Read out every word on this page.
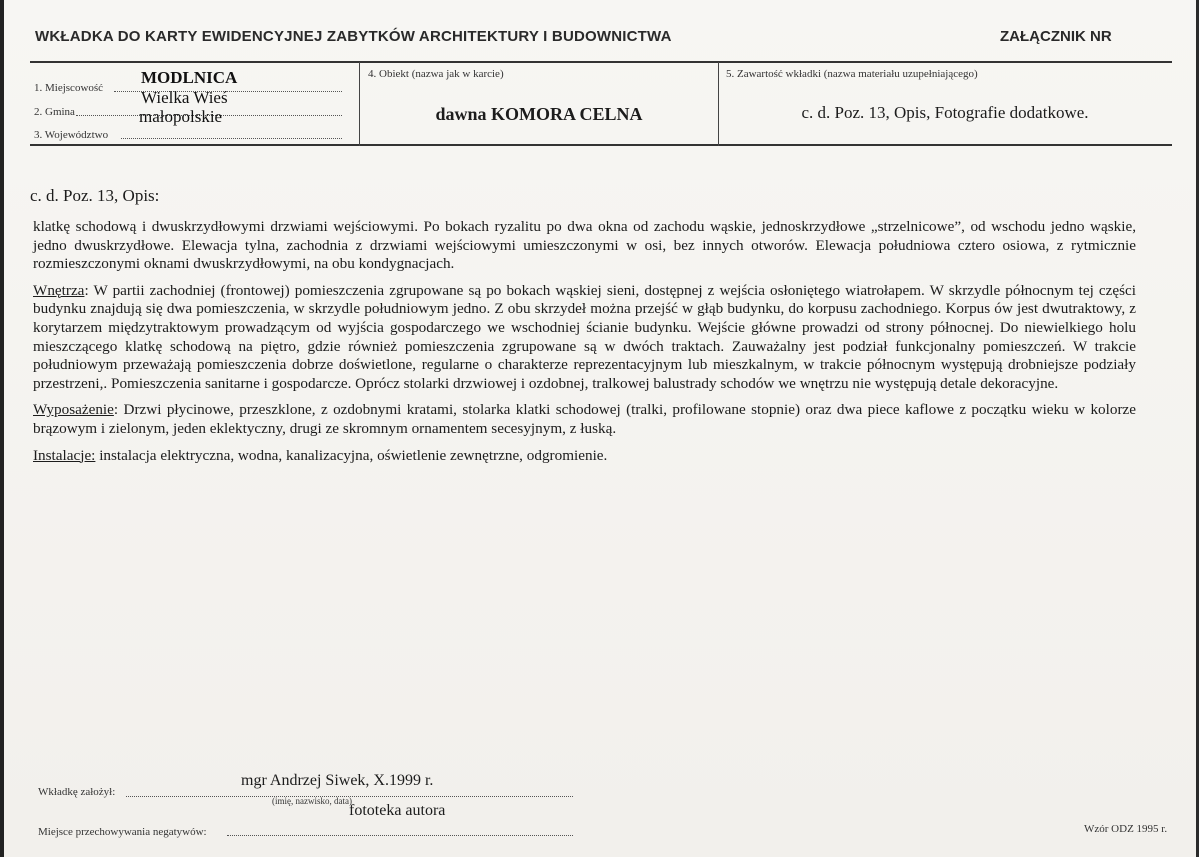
WKŁADKA DO KARTY EWIDENCYJNEJ ZABYTKÓW ARCHITEKTURY I BUDOWNICTWA	ZAŁĄCZNIK NR
1. Miejscowość
MODLNICA
2. Gmina
Wielka Wieś
3. Województwo
małopolskie
4. Obiekt (nazwa jak w karcie)
dawna KOMORA CELNA
5. Zawartość wkładki (nazwa materiału uzupełniającego)
c. d. Poz. 13, Opis, Fotografie dodatkowe.
c. d. Poz. 13, Opis:

klatkę schodową i dwuskrzydłowymi drzwiami wejściowymi. Po bokach ryzalitu po dwa okna od zachodu wąskie, jednoskrzydłowe „strzelnicowe”, od wschodu jedno wąskie, jedno dwuskrzydłowe. Elewacja tylna, zachodnia z drzwiami wejściowymi umieszczonymi w osi, bez innych otworów. Elewacja południowa cztero osiowa, z rytmicznie rozmieszczonymi oknami dwuskrzydłowymi, na obu kondygnacjach.

Wnętrza: W partii zachodniej (frontowej) pomieszczenia zgrupowane są po bokach wąskiej sieni, dostępnej z wejścia osłoniętego wiatrołapem. W skrzydle północnym tej części budynku znajdują się dwa pomieszczenia, w skrzydle południowym jedno. Z obu skrzydeł można przejść w głąb budynku, do korpusu zachodniego. Korpus ów jest dwutraktowy, z korytarzem międzytraktowym prowadzącym od wyjścia gospodarczego we wschodniej ścianie budynku. Wejście główne prowadzi od strony północnej. Do niewielkiego holu mieszczącego klatkę schodową na piętro, gdzie również pomieszczenia zgrupowane są w dwóch traktach. Zauważalny jest podział funkcjonalny pomieszczeń. W trakcie południowym przeważają pomieszczenia dobrze doświetlone, regularne o charakterze reprezentacyjnym lub mieszkalnym, w trakcie północnym występują drobniejsze podziały przestrzeni,. Pomieszczenia sanitarne i gospodarcze. Oprócz stolarki drzwiowej i ozdobnej, tralkowej balustrady schodów we wnętrzu nie występują detale dekoracyjne.

Wyposażenie: Drzwi płycinowe, przeszklone, z ozdobnymi kratami, stolarka klatki schodowej (tralki, profilowane stopnie) oraz dwa piece kaflowe z początku wieku w kolorze brązowym i zielonym, jeden eklektyczny, drugi ze skromnym ornamentem secesyjnym, z łuską.

Instalacje: instalacja elektryczna, wodna, kanalizacyjna, oświetlenie zewnętrzne, odgromienie.

Wkładkę założył:
mgr Andrzej Siwek, X.1999 r.
(imię, nazwisko, data)
Miejsce przechowywania negatywów:
fototeka autora
Wzór ODZ 1995 r.
